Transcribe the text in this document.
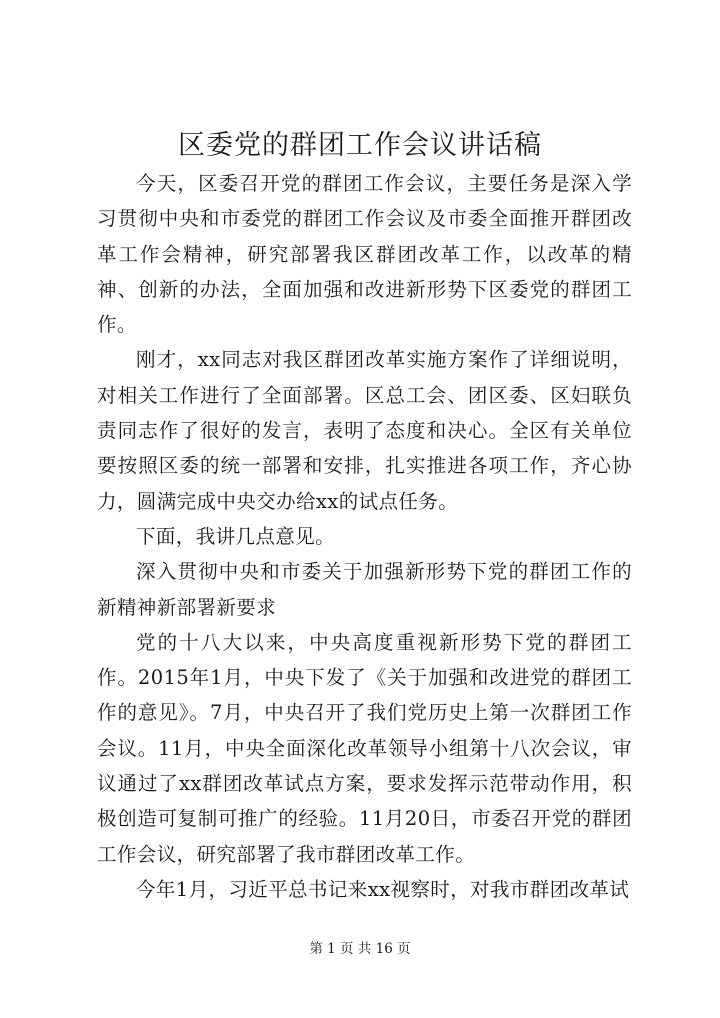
区委党的群团工作会议讲话稿

今天，区委召开党的群团工作会议，主要任务是深入学习贯彻中央和市委党的群团工作会议及市委全面推开群团改革工作会精神，研究部署我区群团改革工作，以改革的精神、创新的办法，全面加强和改进新形势下区委党的群团工作。

刚才，xx同志对我区群团改革实施方案作了详细说明，对相关工作进行了全面部署。区总工会、团区委、区妇联负责同志作了很好的发言，表明了态度和决心。全区有关单位要按照区委的统一部署和安排，扎实推进各项工作，齐心协力，圆满完成中央交办给xx的试点任务。

下面，我讲几点意见。

深入贯彻中央和市委关于加强新形势下党的群团工作的新精神新部署新要求

党的十八大以来，中央高度重视新形势下党的群团工作。2015年1月，中央下发了《关于加强和改进党的群团工作的意见》。7月，中央召开了我们党历史上第一次群团工作会议。11月，中央全面深化改革领导小组第十八次会议，审议通过了xx群团改革试点方案，要求发挥示范带动作用，积极创造可复制可推广的经验。11月20日，市委召开党的群团工作会议，研究部署了我市群团改革工作。

今年1月，习近平总书记来xx视察时，对我市群团改革试

第 1 页 共 16 页
